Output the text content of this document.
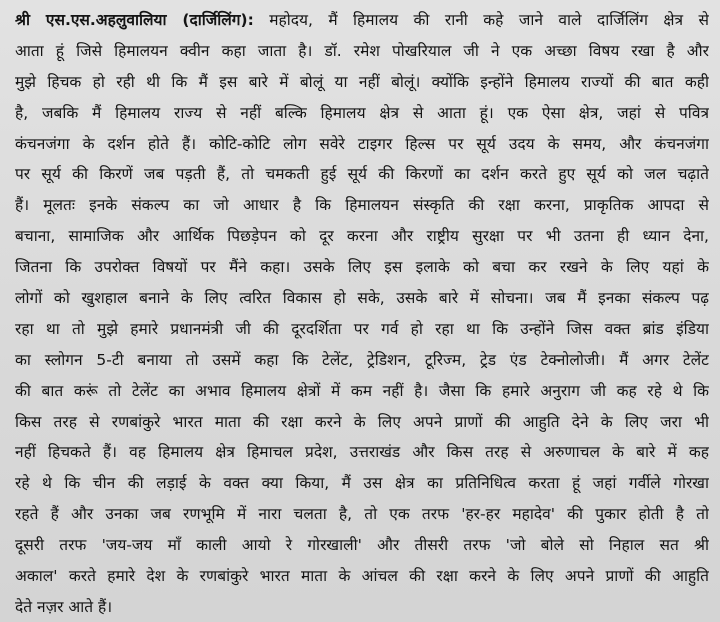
श्री एस.एस.अहलुवालिया (दार्जिलिंग): महोदय, मैं हिमालय की रानी कहे जाने वाले दार्जिलिंग क्षेत्र से
आता हूं जिसे हिमालयन क्वीन कहा जाता है। डॉ. रमेश पोखरियाल जी ने एक अच्छा विषय रखा है और
मुझे हिचक हो रही थी कि मैं इस बारे में बोलूं या नहीं बोलूं। क्योंकि इन्होंने हिमालय राज्यों की बात कही
है, जबकि मैं हिमालय राज्य से नहीं बल्कि हिमालय क्षेत्र से आता हूं। एक ऐसा क्षेत्र, जहां से पवित्र
कंचनजंगा के दर्शन होते हैं। कोटि-कोटि लोग सवेरे टाइगर हिल्स पर सूर्य उदय के समय, और कंचनजंगा
पर सूर्य की किरणें जब पड़ती हैं, तो चमकती हुई सूर्य की किरणों का दर्शन करते हुए सूर्य को जल चढ़ाते
हैं। मूलतः इनके संकल्प का जो आधार है कि हिमालयन संस्कृति की रक्षा करना, प्राकृतिक आपदा से
बचाना, सामाजिक और आर्थिक पिछड़ेपन को दूर करना और राष्ट्रीय सुरक्षा पर भी उतना ही ध्यान देना,
जितना कि उपरोक्त विषयों पर मैंने कहा। उसके लिए इस इलाके को बचा कर रखने के लिए यहां के
लोगों को खुशहाल बनाने के लिए त्वरित विकास हो सके, उसके बारे में सोचना। जब मैं इनका संकल्प पढ़
रहा था तो मुझे हमारे प्रधानमंत्री जी की दूरदर्शिता पर गर्व हो रहा था कि उन्होंने जिस वक्त ब्रांड इंडिया
का स्लोगन 5-टी बनाया तो उसमें कहा कि टेलेंट, ट्रेडिशन, टूरिज्म, ट्रेड एंड टेक्नोलोजी। मैं अगर टेलेंट
की बात करूं तो टेलेंट का अभाव हिमालय क्षेत्रों में कम नहीं है। जैसा कि हमारे अनुराग जी कह रहे थे कि
किस तरह से रणबांकुरे भारत माता की रक्षा करने के लिए अपने प्राणों की आहुति देने के लिए जरा भी
नहीं हिचकते हैं। वह हिमालय क्षेत्र हिमाचल प्रदेश, उत्तराखंड और किस तरह से अरुणाचल के बारे में कह
रहे थे कि चीन की लड़ाई के वक्त क्या किया, मैं उस क्षेत्र का प्रतिनिधित्व करता हूं जहां गर्वीले गोरखा
रहते हैं और उनका जब रणभूमि में नारा चलता है, तो एक तरफ 'हर-हर महादेव' की पुकार होती है तो
दूसरी तरफ 'जय-जय माँ काली आयो रे गोरखाली' और तीसरी तरफ 'जो बोले सो निहाल सत श्री
अकाल' करते हमारे देश के रणबांकुरे भारत माता के आंचल की रक्षा करने के लिए अपने प्राणों की आहुति
देते नज़र आते हैं।
